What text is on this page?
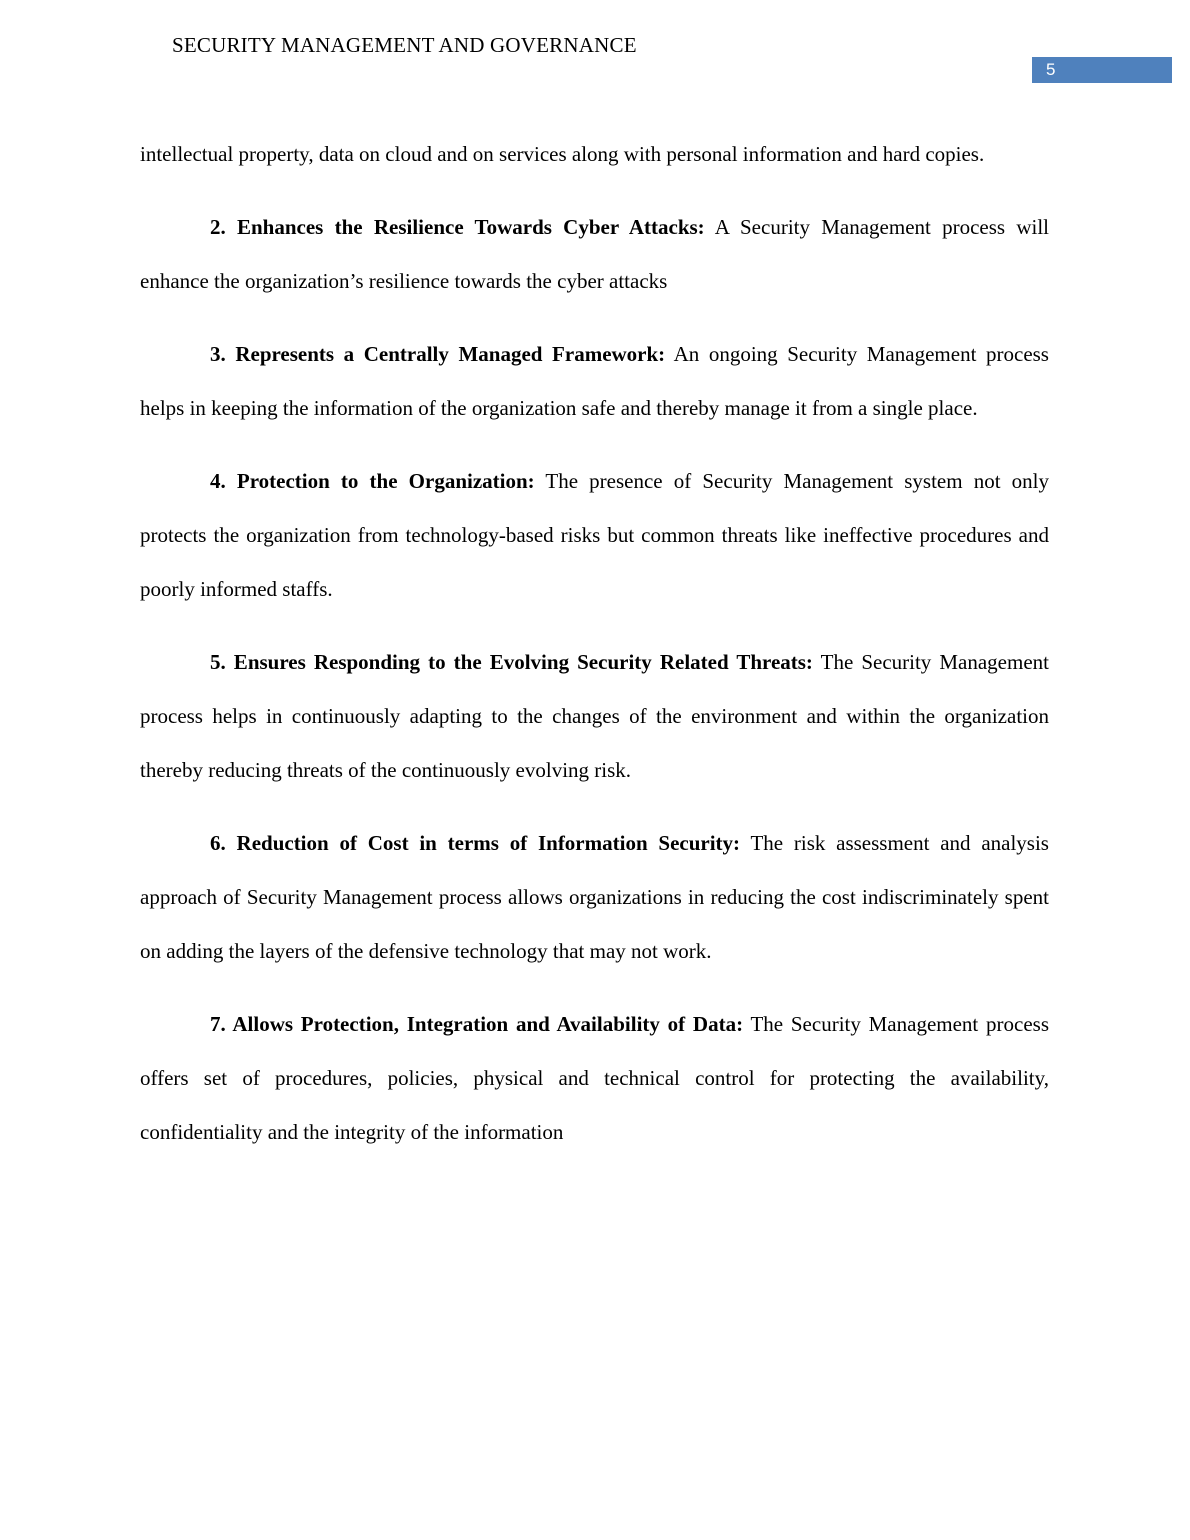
SECURITY MANAGEMENT AND GOVERNANCE
5

intellectual property, data on cloud and on services along with personal information and hard copies.

2. Enhances the Resilience Towards Cyber Attacks: A Security Management process will enhance the organization’s resilience towards the cyber attacks

3. Represents a Centrally Managed Framework: An ongoing Security Management process helps in keeping the information of the organization safe and thereby manage it from a single place.

4. Protection to the Organization: The presence of Security Management system not only protects the organization from technology-based risks but common threats like ineffective procedures and poorly informed staffs.

5. Ensures Responding to the Evolving Security Related Threats: The Security Management process helps in continuously adapting to the changes of the environment and within the organization thereby reducing threats of the continuously evolving risk.

6. Reduction of Cost in terms of Information Security: The risk assessment and analysis approach of Security Management process allows organizations in reducing the cost indiscriminately spent on adding the layers of the defensive technology that may not work.

7. Allows Protection, Integration and Availability of Data: The Security Management process offers set of procedures, policies, physical and technical control for protecting the availability, confidentiality and the integrity of the information
